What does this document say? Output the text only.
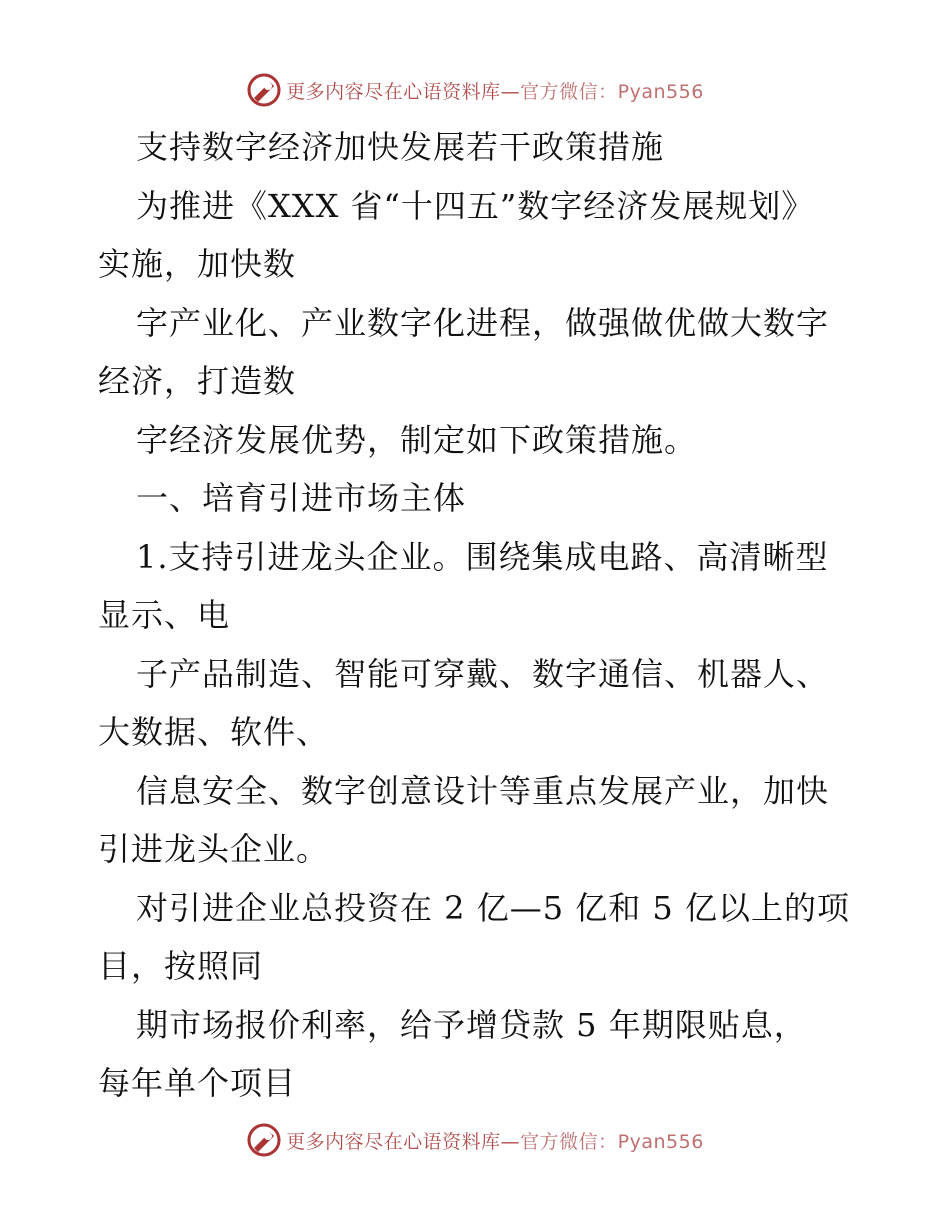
更多内容尽在心语资料库—官方微信：Pyan556
支持数字经济加快发展若干政策措施
为推进《XXX 省“十四五”数字经济发展规划》
实施，加快数
字产业化、产业数字化进程，做强做优做大数字
经济，打造数
字经济发展优势，制定如下政策措施。
一、培育引进市场主体
1.支持引进龙头企业。围绕集成电路、高清晰型
显示、电
子产品制造、智能可穿戴、数字通信、机器人、
大数据、软件、
信息安全、数字创意设计等重点发展产业，加快
引进龙头企业。
对引进企业总投资在 2 亿—5 亿和 5 亿以上的项
目，按照同
期市场报价利率，给予增贷款 5 年期限贴息，
每年单个项目
更多内容尽在心语资料库—官方微信：Pyan556
